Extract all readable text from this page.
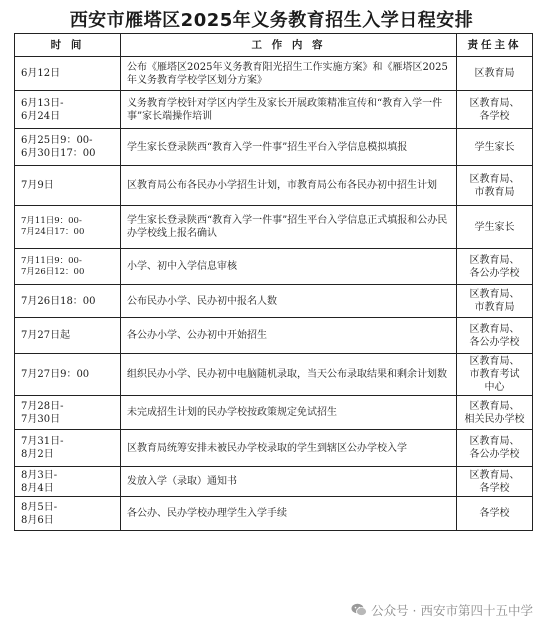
西安市雁塔区2025年义务教育招生入学日程安排
时 间	工 作 内 容	责任主体
6月12日	公布《雁塔区2025年义务教育阳光招生工作实施方案》和《雁塔区2025年义务教育学校学区划分方案》	区教育局
6月13日-
6月24日	义务教育学校针对学区内学生及家长开展政策精准宣传和“教育入学一件事”家长端操作培训	区教育局、
各学校
6月25日9：00-
6月30日17：00	学生家长登录陕西“教育入学一件事”招生平台入学信息模拟填报	学生家长
7月9日	区教育局公布各民办小学招生计划，市教育局公布各民办初中招生计划	区教育局、
市教育局
7月11日9：00-
7月24日17：00	学生家长登录陕西“教育入学一件事”招生平台入学信息正式填报和公办民办学校线上报名确认	学生家长
7月11日9：00-
7月26日12：00	小学、初中入学信息审核	区教育局、
各公办学校
7月26日18：00	公布民办小学、民办初中报名人数	区教育局、
市教育局
7月27日起	各公办小学、公办初中开始招生	区教育局、
各公办学校
7月27日9：00	组织民办小学、民办初中电脑随机录取，当天公布录取结果和剩余计划数	区教育局、
市教育考试
中心
7月28日-
7月30日	未完成招生计划的民办学校按政策规定免试招生	区教育局、
相关民办学校
7月31日-
8月2日	区教育局统筹安排未被民办学校录取的学生到辖区公办学校入学	区教育局、
各公办学校
8月3日-
8月4日	发放入学（录取）通知书	区教育局、
各学校
8月5日-
8月6日	各公办、民办学校办理学生入学手续	各学校
公众号 · 西安市第四十五中学
